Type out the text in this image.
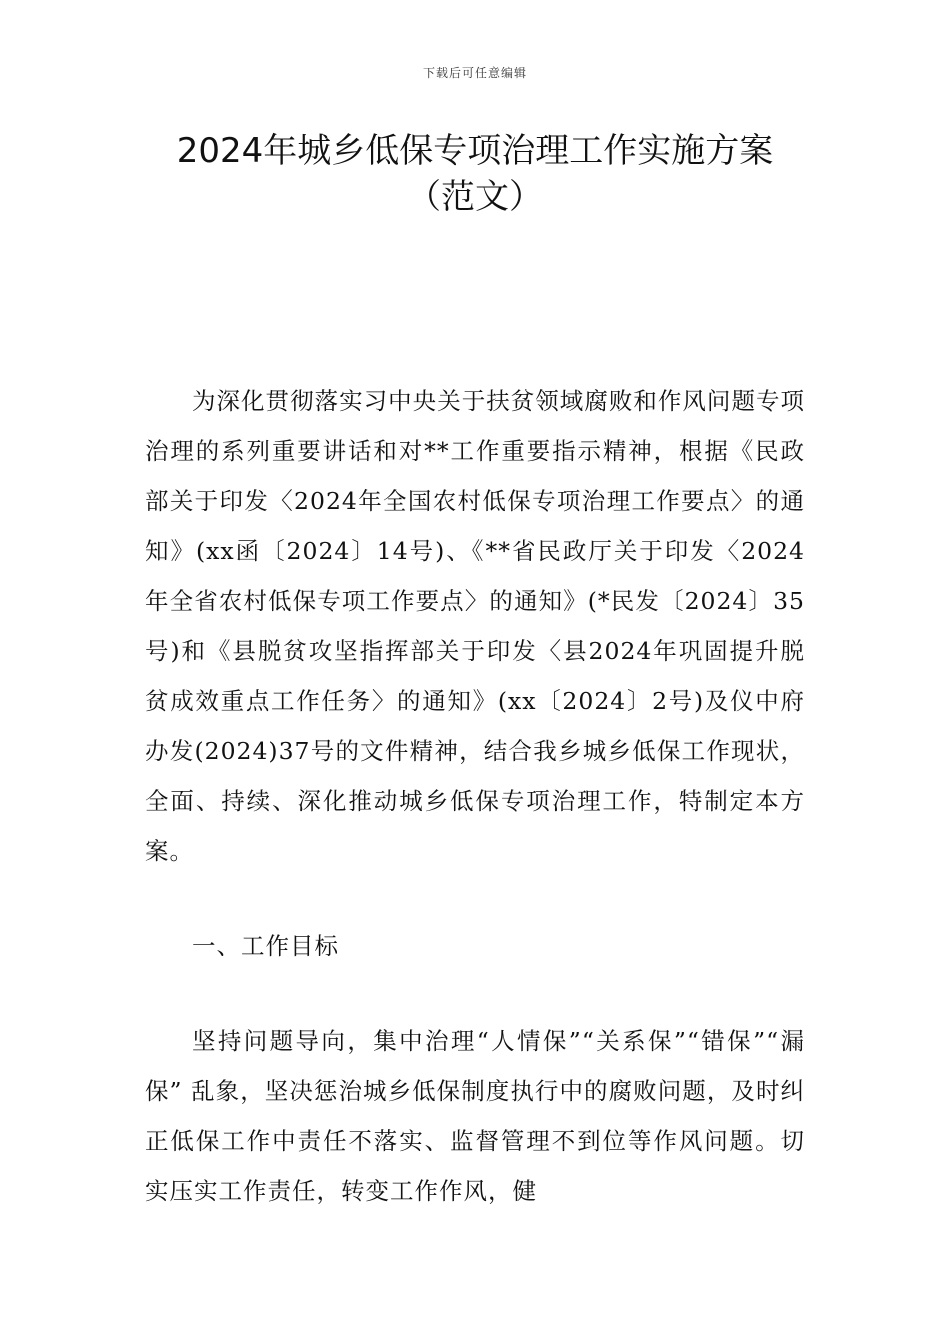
下载后可任意编辑
2024年城乡低保专项治理工作实施方案
（范文）

为深化贯彻落实习中央关于扶贫领域腐败和作风问题专项治理的系列重要讲话和对**工作重要指示精神，根据《民政部关于印发〈2024年全国农村低保专项治理工作要点〉的通知》(xx函〔2024〕14号)、《**省民政厅关于印发〈2024年全省农村低保专项工作要点〉的通知》(*民发〔2024〕35号)和《县脱贫攻坚指挥部关于印发〈县2024年巩固提升脱贫成效重点工作任务〉的通知》(xx〔2024〕2号)及仪中府办发(2024)37号的文件精神，结合我乡城乡低保工作现状，全面、持续、深化推动城乡低保专项治理工作，特制定本方案。

一、工作目标

坚持问题导向，集中治理“人情保”“关系保”“错保”“漏保” 乱象，坚决惩治城乡低保制度执行中的腐败问题，及时纠正低保工作中责任不落实、监督管理不到位等作风问题。切实压实工作责任，转变工作作风，健
